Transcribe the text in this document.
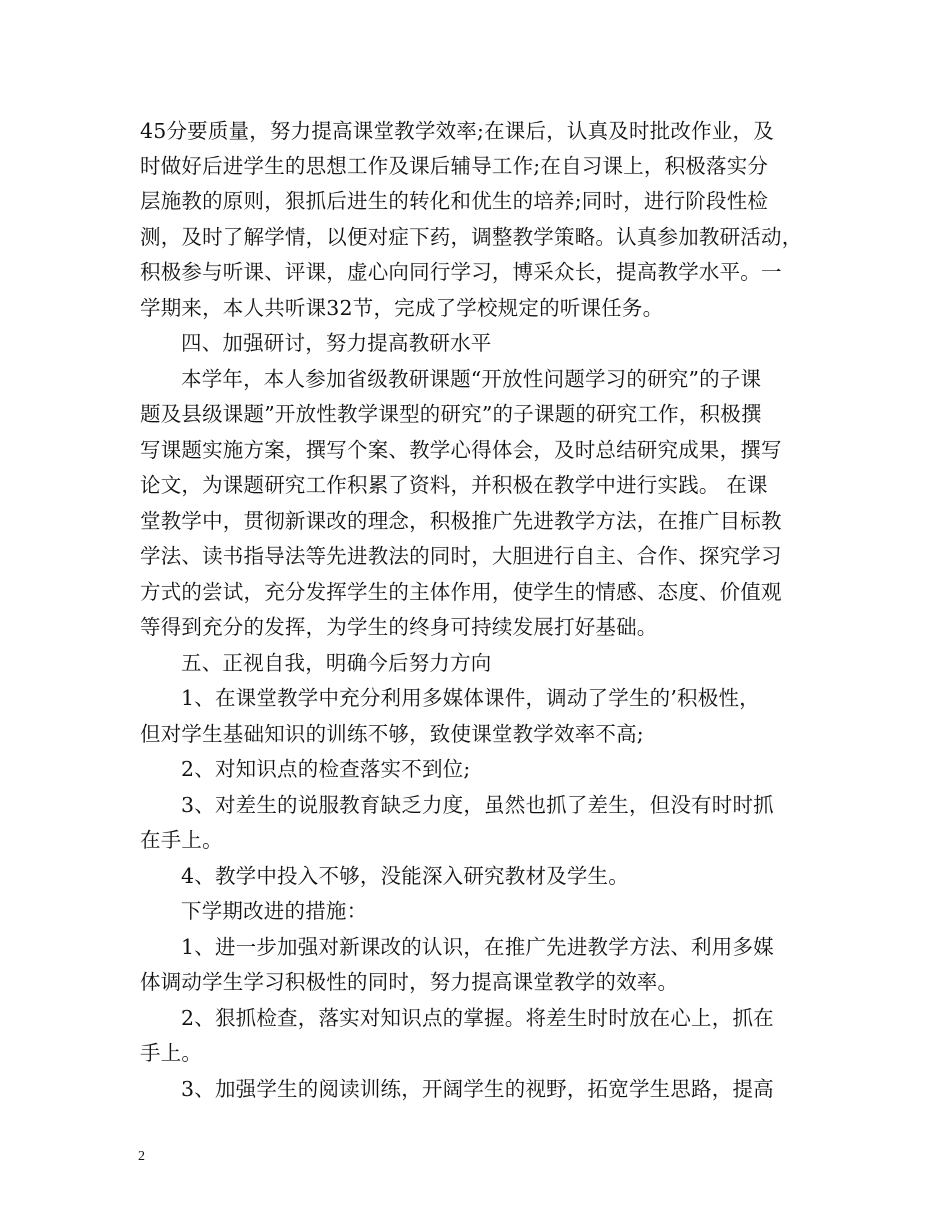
45分要质量，努力提高课堂教学效率;在课后，认真及时批改作业，及
时做好后进学生的思想工作及课后辅导工作;在自习课上，积极落实分
层施教的原则，狠抓后进生的转化和优生的培养;同时，进行阶段性检
测，及时了解学情，以便对症下药，调整教学策略。认真参加教研活动，
积极参与听课、评课，虚心向同行学习，博采众长，提高教学水平。一
学期来，本人共听课32节，完成了学校规定的听课任务。
四、加强研讨，努力提高教研水平
本学年，本人参加省级教研课题“开放性问题学习的研究”的子课
题及县级课题”开放性教学课型的研究”的子课题的研究工作，积极撰
写课题实施方案，撰写个案、教学心得体会，及时总结研究成果，撰写
论文，为课题研究工作积累了资料，并积极在教学中进行实践。 在课
堂教学中，贯彻新课改的理念，积极推广先进教学方法，在推广目标教
学法、读书指导法等先进教法的同时，大胆进行自主、合作、探究学习
方式的尝试，充分发挥学生的主体作用，使学生的情感、态度、价值观
等得到充分的发挥，为学生的终身可持续发展打好基础。
五、正视自我，明确今后努力方向
1、在课堂教学中充分利用多媒体课件，调动了学生的’积极性，
但对学生基础知识的训练不够，致使课堂教学效率不高;
2、对知识点的检查落实不到位;
3、对差生的说服教育缺乏力度，虽然也抓了差生，但没有时时抓
在手上。
4、教学中投入不够，没能深入研究教材及学生。
下学期改进的措施：
1、进一步加强对新课改的认识，在推广先进教学方法、利用多媒
体调动学生学习积极性的同时，努力提高课堂教学的效率。
2、狠抓检查，落实对知识点的掌握。将差生时时放在心上，抓在
手上。
3、加强学生的阅读训练，开阔学生的视野，拓宽学生思路，提高
2
